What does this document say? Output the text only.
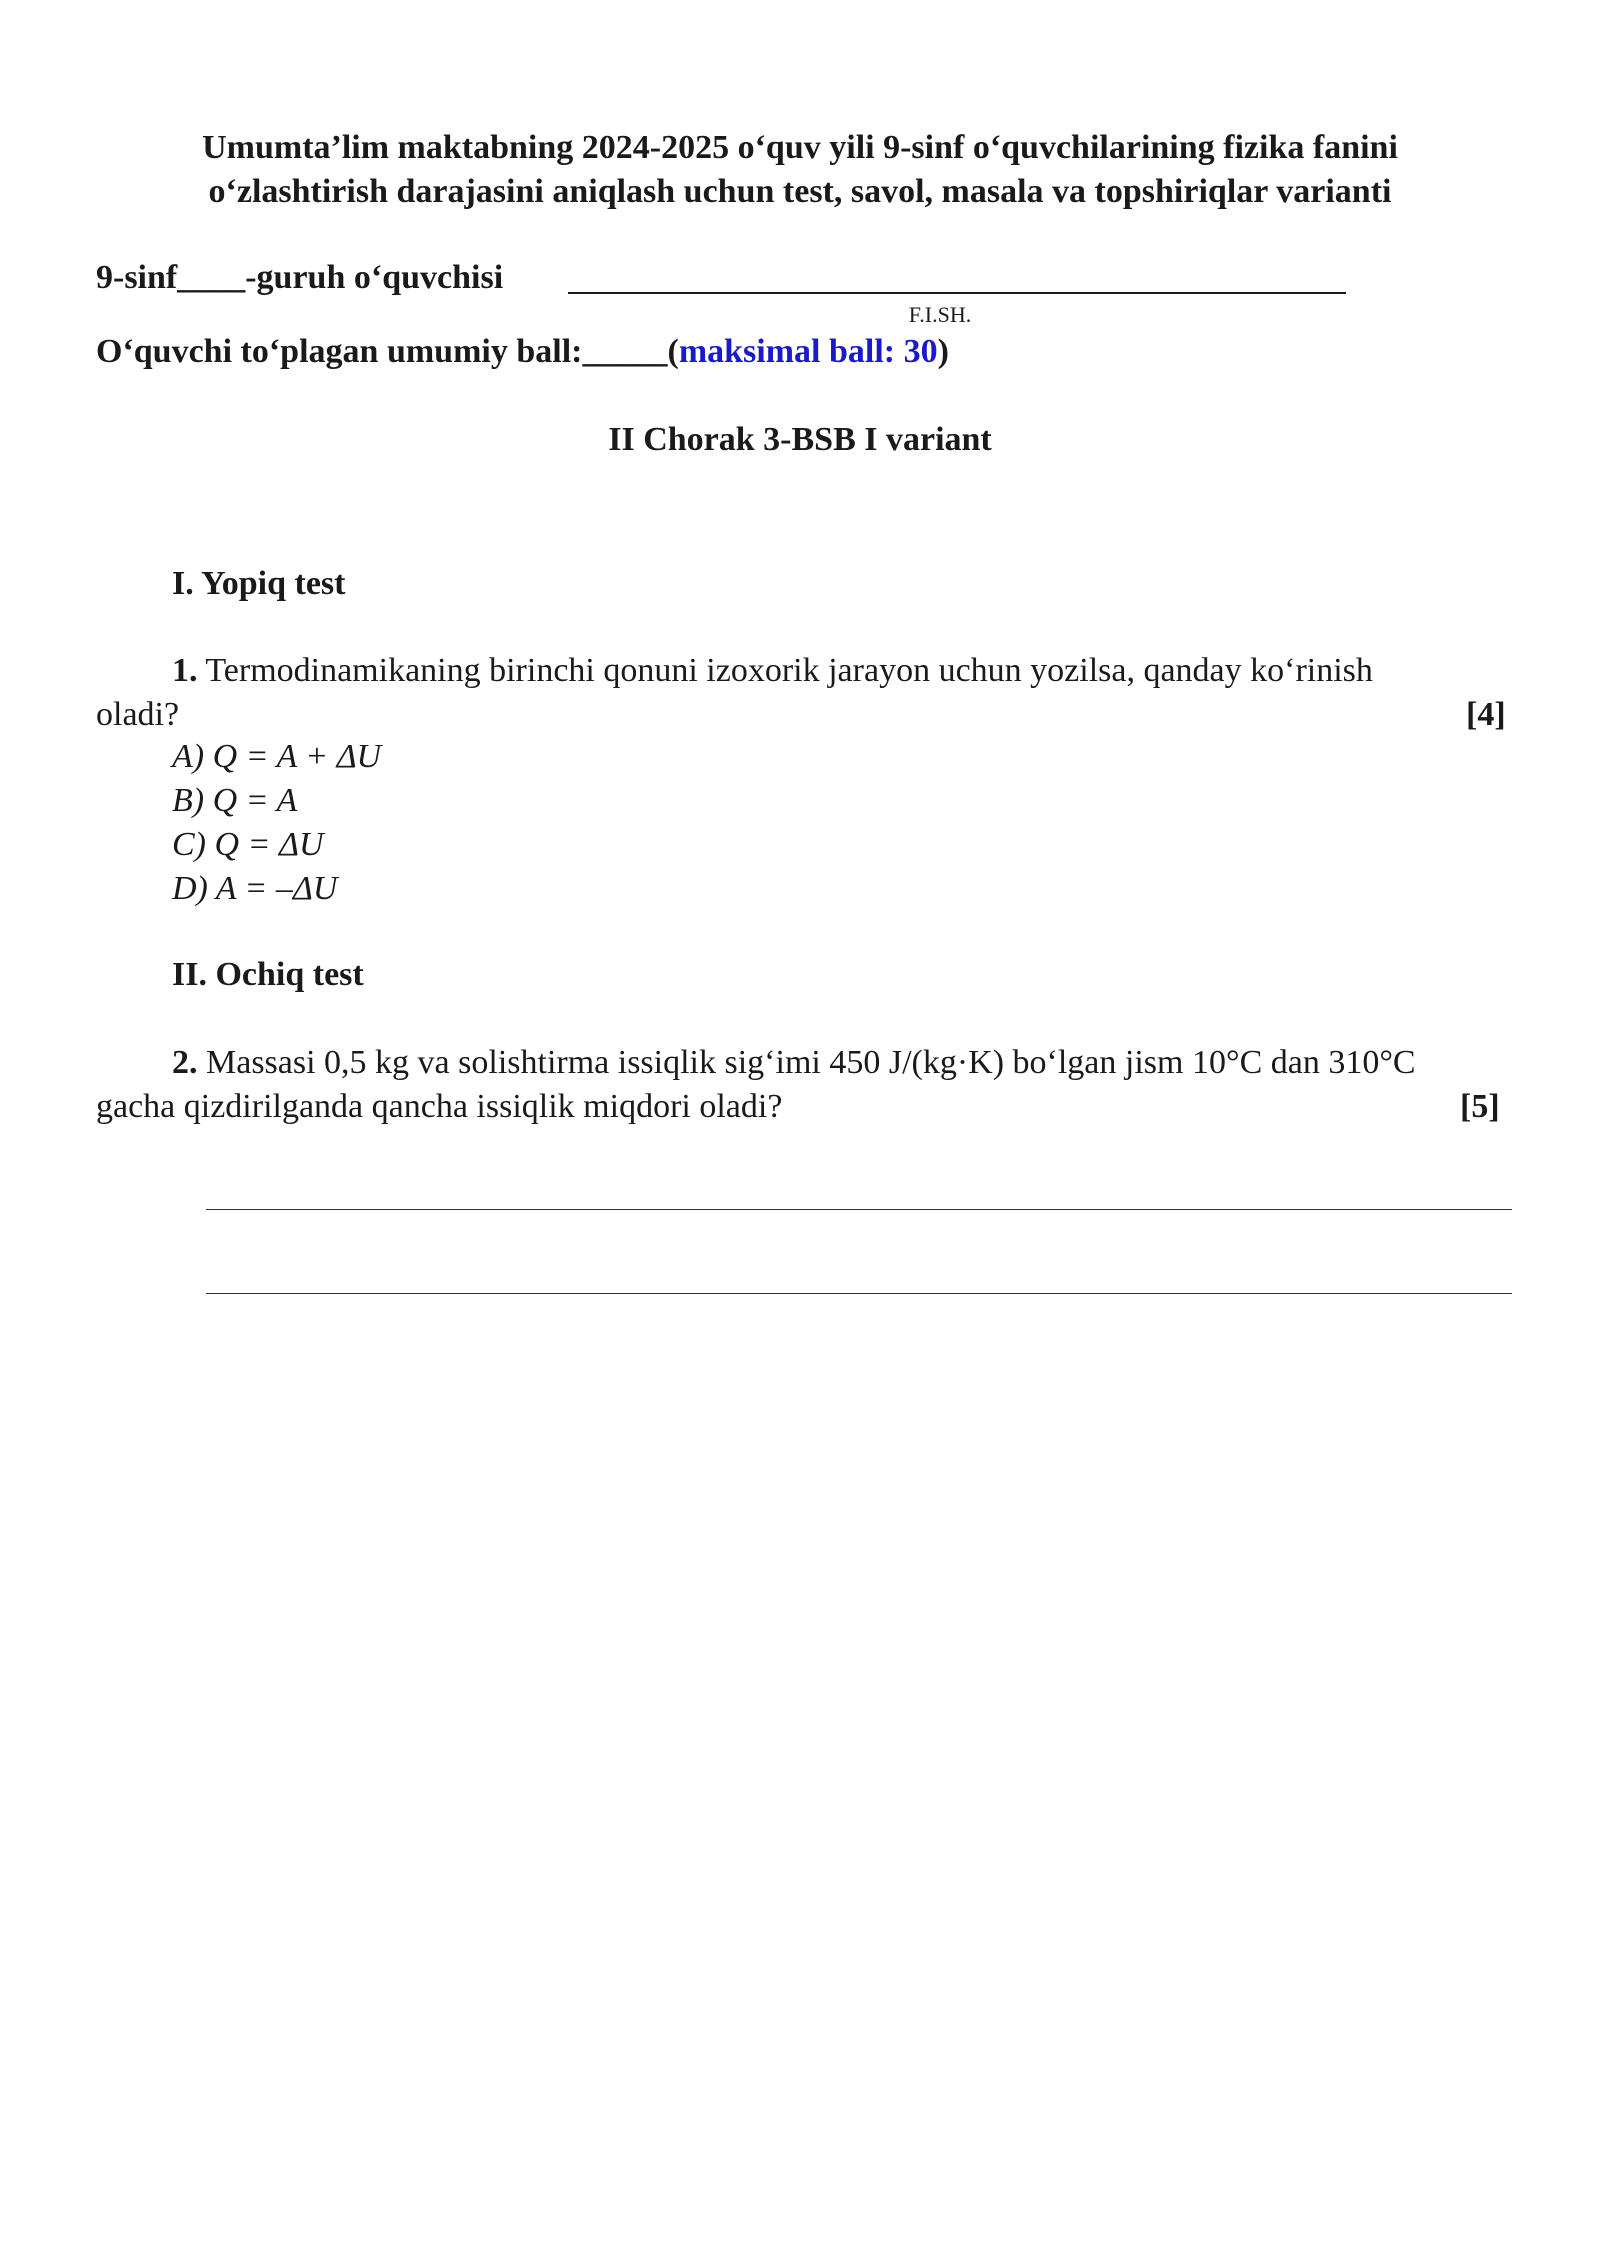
Umumta’lim maktabning 2024-2025 o‘quv yili 9-sinf o‘quvchilarining fizika fanini
o‘zlashtirish darajasini aniqlash uchun test, savol, masala va topshiriqlar varianti
9-sinf____-guruh o‘quvchisi
F.I.SH.
O‘quvchi to‘plagan umumiy ball:_____(maksimal ball: 30)
II Chorak 3-BSB I variant
I. Yopiq test
1. Termodinamikaning birinchi qonuni izoxorik jarayon uchun yozilsa, qanday ko‘rinish oladi?	[4]
A) Q = A + ΔU
B) Q = A
C) Q = ΔU
D) A = –ΔU
II. Ochiq test
2. Massasi 0,5 kg va solishtirma issiqlik sig‘imi 450 J/(kg·K) bo‘lgan jism 10°C dan 310°C gacha qizdirilganda qancha issiqlik miqdori oladi?	[5]
